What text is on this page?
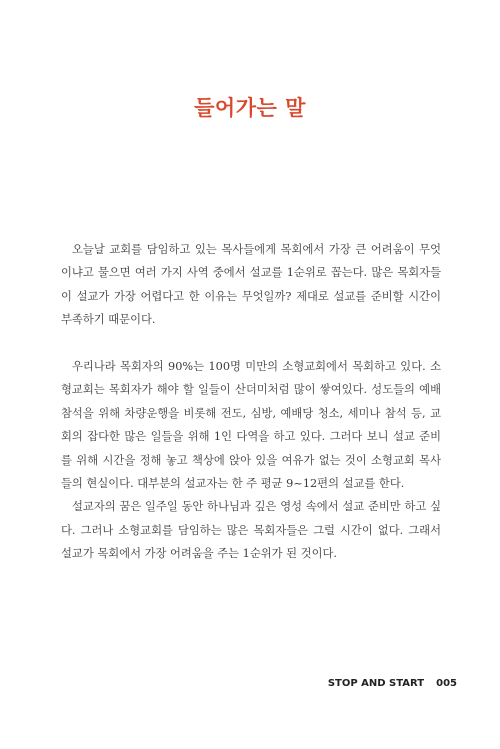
들어가는 말

오늘날 교회를 담임하고 있는 목사들에게 목회에서 가장 큰 어려움이 무엇이냐고 물으면 여러 가지 사역 중에서 설교를 1순위로 꼽는다. 많은 목회자들이 설교가 가장 어렵다고 한 이유는 무엇일까? 제대로 설교를 준비할 시간이 부족하기 때문이다.

우리나라 목회자의 90%는 100명 미만의 소형교회에서 목회하고 있다. 소형교회는 목회자가 해야 할 일들이 산더미처럼 많이 쌓여있다. 성도들의 예배 참석을 위해 차량운행을 비롯해 전도, 심방, 예배당 청소, 세미나 참석 등, 교회의 잡다한 많은 일들을 위해 1인 다역을 하고 있다. 그러다 보니 설교 준비를 위해 시간을 정해 놓고 책상에 앉아 있을 여유가 없는 것이 소형교회 목사들의 현실이다. 대부분의 설교자는 한 주 평균 9~12편의 설교를 한다.

설교자의 꿈은 일주일 동안 하나님과 깊은 영성 속에서 설교 준비만 하고 싶다. 그러나 소형교회를 담임하는 많은 목회자들은 그럴 시간이 없다. 그래서 설교가 목회에서 가장 어려움을 주는 1순위가 된 것이다.

STOP AND START 005
